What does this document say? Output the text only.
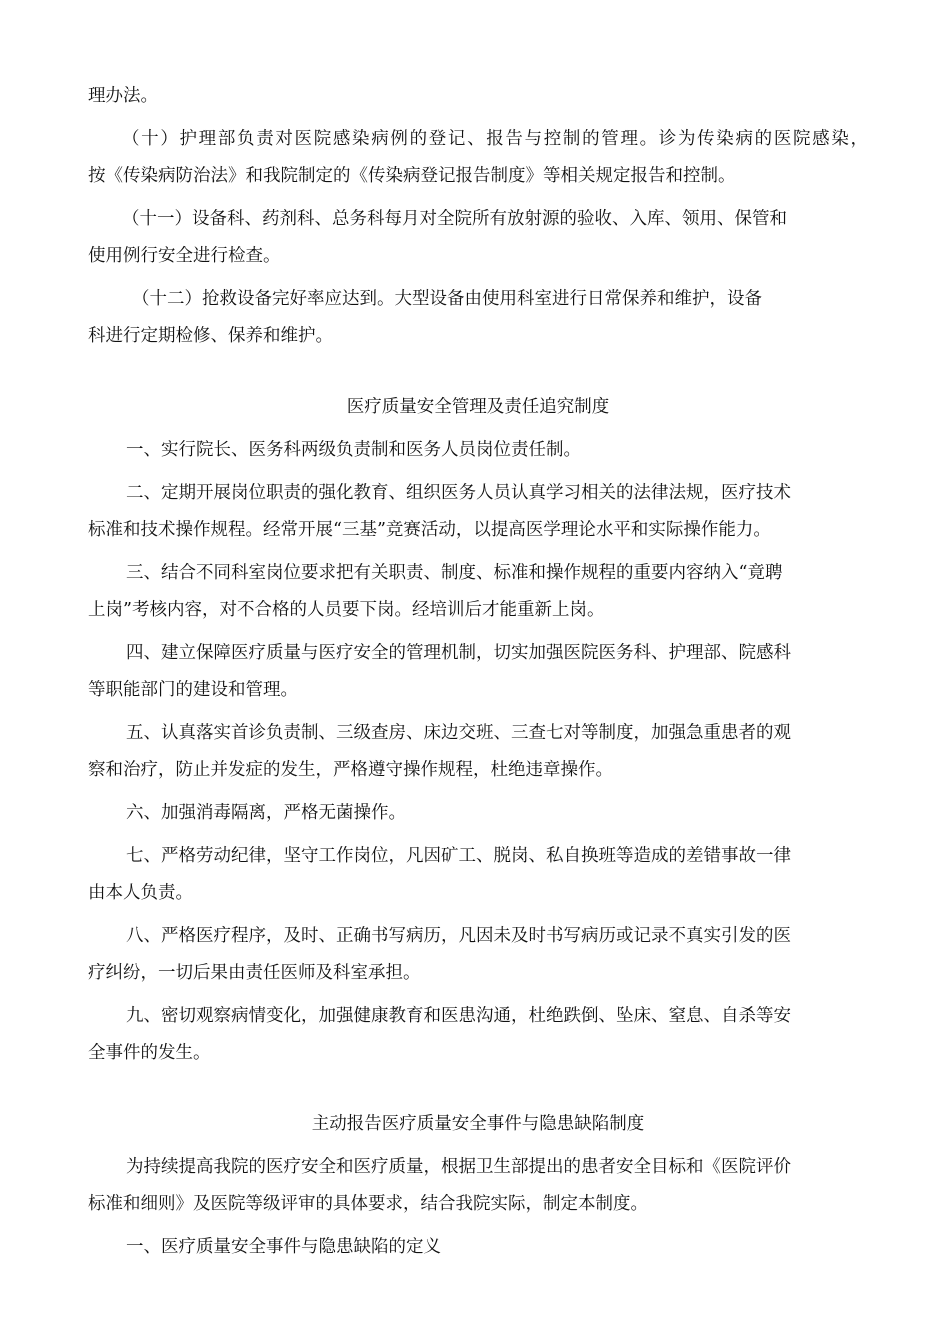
理办法。

（十）护理部负责对医院感染病例的登记、报告与控制的管理。诊为传染病的医院感染，
按《传染病防治法》和我院制定的《传染病登记报告制度》等相关规定报告和控制。

（十一）设备科、药剂科、总务科每月对全院所有放射源的验收、入库、领用、保管和
使用例行安全进行检查。

（十二）抢救设备完好率应达到。大型设备由使用科室进行日常保养和维护，设备
科进行定期检修、保养和维护。

医疗质量安全管理及责任追究制度

一、实行院长、医务科两级负责制和医务人员岗位责任制。

二、定期开展岗位职责的强化教育、组织医务人员认真学习相关的法律法规，医疗技术
标准和技术操作规程。经常开展“三基”竞赛活动，以提高医学理论水平和实际操作能力。

三、结合不同科室岗位要求把有关职责、制度、标准和操作规程的重要内容纳入“竟聘
上岗”考核内容，对不合格的人员要下岗。经培训后才能重新上岗。

四、建立保障医疗质量与医疗安全的管理机制，切实加强医院医务科、护理部、院感科
等职能部门的建设和管理。

五、认真落实首诊负责制、三级查房、床边交班、三查七对等制度，加强急重患者的观
察和治疗，防止并发症的发生，严格遵守操作规程，杜绝违章操作。

六、加强消毒隔离，严格无菌操作。

七、严格劳动纪律，坚守工作岗位，凡因矿工、脱岗、私自换班等造成的差错事故一律
由本人负责。

八、严格医疗程序，及时、正确书写病历，凡因未及时书写病历或记录不真实引发的医
疗纠纷，一切后果由责任医师及科室承担。

九、密切观察病情变化，加强健康教育和医患沟通，杜绝跌倒、坠床、窒息、自杀等安
全事件的发生。

主动报告医疗质量安全事件与隐患缺陷制度

为持续提高我院的医疗安全和医疗质量，根据卫生部提出的患者安全目标和《医院评价
标准和细则》及医院等级评审的具体要求，结合我院实际，制定本制度。

一、医疗质量安全事件与隐患缺陷的定义
